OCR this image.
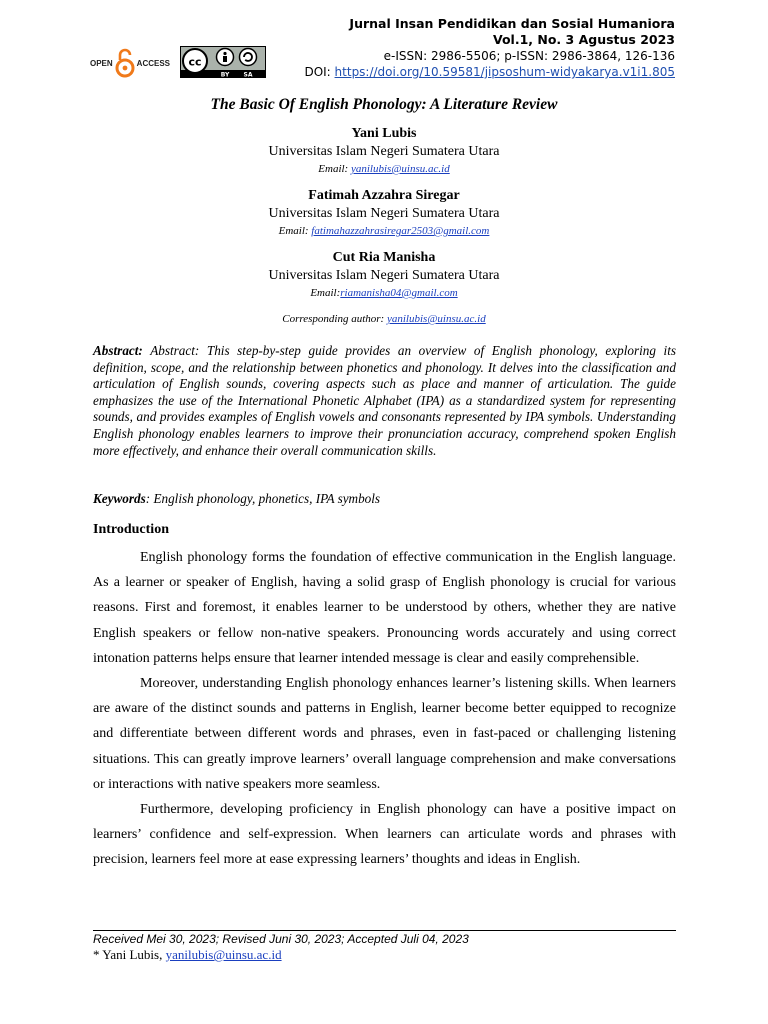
OPEN	ACCESS cc
BY SA
Jurnal Insan Pendidikan dan Sosial Humaniora
Vol.1, No. 3 Agustus 2023
e-ISSN: 2986-5506; p-ISSN: 2986-3864, 126-136
DOI: https://doi.org/10.59581/jipsoshum-widyakarya.v1i1.805
The Basic Of English Phonology: A Literature Review
Yani Lubis
Universitas Islam Negeri Sumatera Utara
Email: yanilubis@uinsu.ac.id
Fatimah Azzahra Siregar
Universitas Islam Negeri Sumatera Utara
Email: fatimahazzahrasiregar2503@gmail.com
Cut Ria Manisha
Universitas Islam Negeri Sumatera Utara
Email:riamanisha04@gmail.com
Corresponding author: yanilubis@uinsu.ac.id
Abstract: Abstract: This step-by-step guide provides an overview of English phonology, exploring its definition, scope, and the relationship between phonetics and phonology. It delves into the classification and articulation of English sounds, covering aspects such as place and manner of articulation. The guide emphasizes the use of the International Phonetic Alphabet (IPA) as a standardized system for representing sounds, and provides examples of English vowels and consonants represented by IPA symbols. Understanding English phonology enables learners to improve their pronunciation accuracy, comprehend spoken English more effectively, and enhance their overall communication skills.
Keywords: English phonology, phonetics, IPA symbols
Introduction

English phonology forms the foundation of effective communication in the English language. As a learner or speaker of English, having a solid grasp of English phonology is crucial for various reasons. First and foremost, it enables learner to be understood by others, whether they are native English speakers or fellow non-native speakers. Pronouncing words accurately and using correct intonation patterns helps ensure that learner intended message is clear and easily comprehensible.

Moreover, understanding English phonology enhances learner’s listening skills. When learners are aware of the distinct sounds and patterns in English, learner become better equipped to recognize and differentiate between different words and phrases, even in fast-paced or challenging listening situations. This can greatly improve learners’ overall language comprehension and make conversations or interactions with native speakers more seamless.

Furthermore, developing proficiency in English phonology can have a positive impact on learners’ confidence and self-expression. When learners can articulate words and phrases with precision, learners feel more at ease expressing learners’ thoughts and ideas in English.

Received Mei 30, 2023; Revised Juni 30, 2023; Accepted Juli 04, 2023
* Yani Lubis, yanilubis@uinsu.ac.id
